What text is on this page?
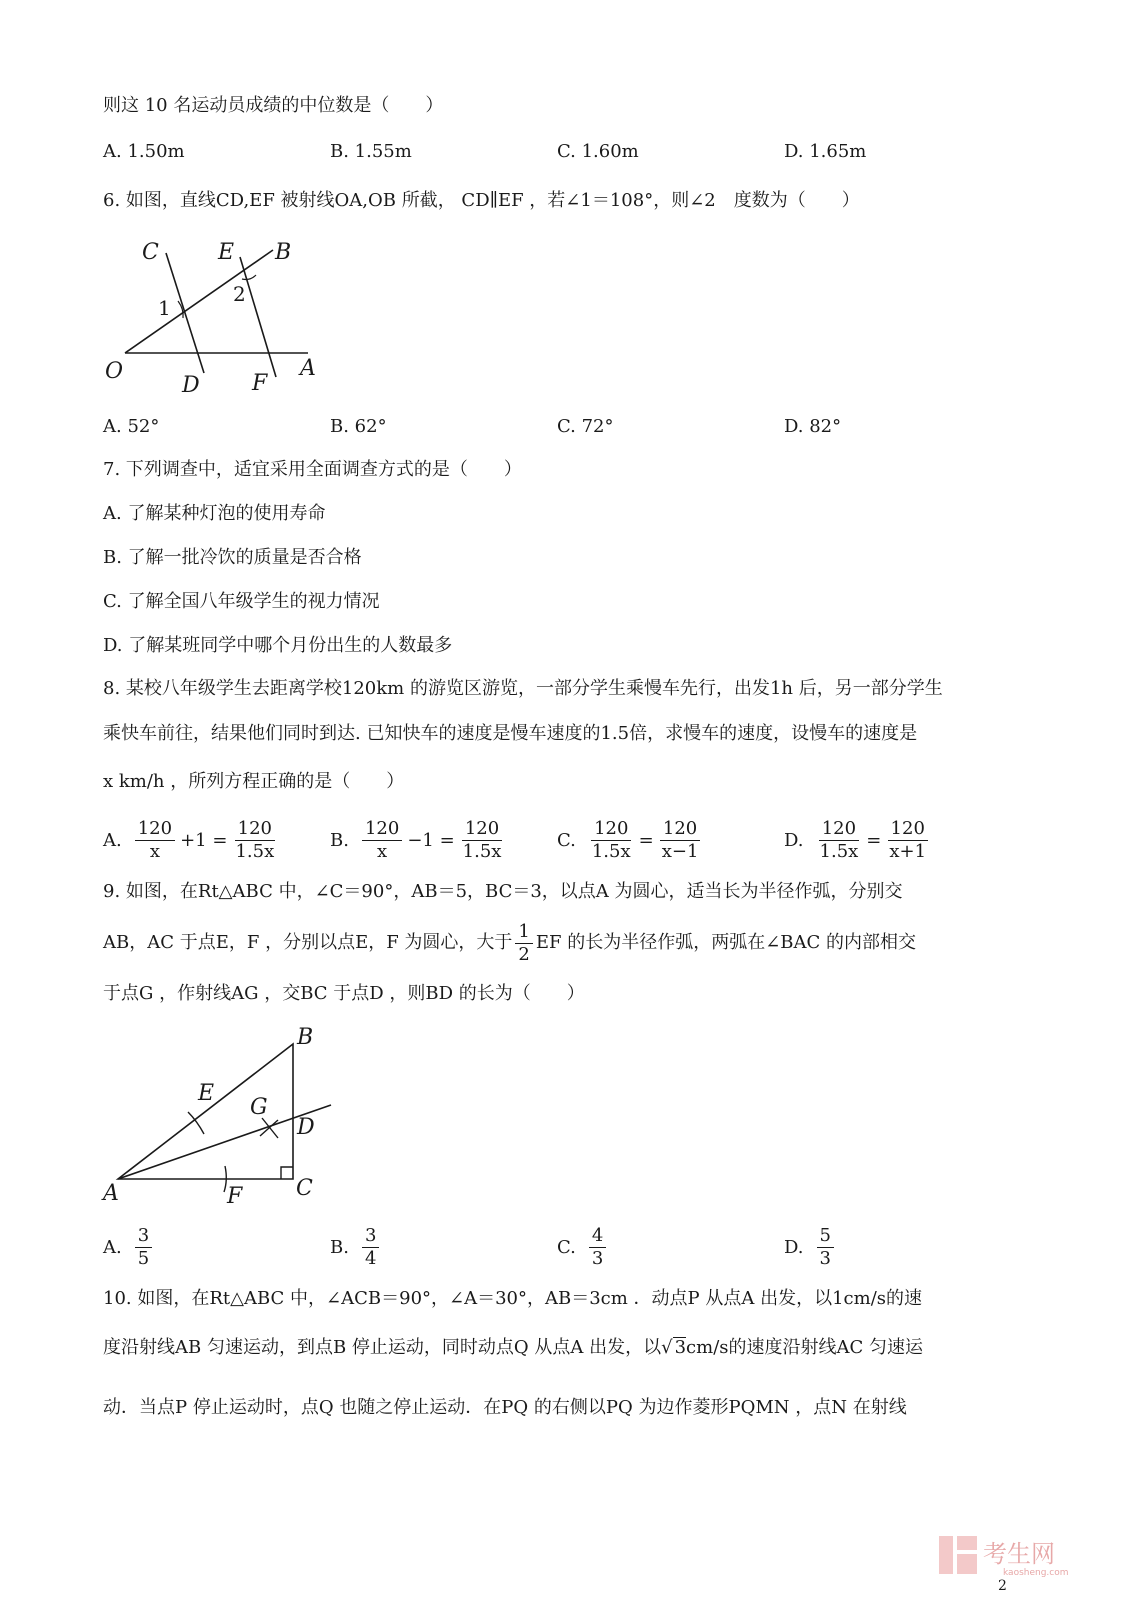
则这 10 名运动员成绩的中位数是（　　）
A. 1.50m	B. 1.55m	C. 1.60m	D. 1.65m
6. 如图，直线CD,EF 被射线OA,OB 所截， CD∥EF ，若∠1＝108°，则∠2　度数为（　　）
C	E B
1
2
O
D F
A
A. 52°	B. 62°	C. 72°	D. 82°
7. 下列调查中，适宜采用全面调查方式的是（　　）
A. 了解某种灯泡的使用寿命
B. 了解一批冷饮的质量是否合格
C. 了解全国八年级学生的视力情况
D. 了解某班同学中哪个月份出生的人数最多
8. 某校八年级学生去距离学校120km 的游览区游览，一部分学生乘慢车先行，出发1h 后，另一部分学生
乘快车前往，结果他们同时到达. 已知快车的速度是慢车速度的1.5倍，求慢车的速度，设慢车的速度是
x km/h ，所列方程正确的是（　　）
A. $\frac{120}{x} +1 = \frac{120}{1.5x}$	B. $\frac{120}{x} -1 = \frac{120}{1.5x}$	C. $\frac{120}{1.5x} = \frac{120}{x-1}$	D. $\frac{120}{1.5x} = \frac{120}{x+1}$
9. 如图，在Rt△ABC 中，∠C＝90°，AB＝5，BC＝3，以点A 为圆心，适当长为半径作弧，分别交
AB，AC 于点E，F ，分别以点E，F 为圆心，大于 $\frac{1}{2}$ EF 的长为半径作弧，两弧在∠BAC 的内部相交
于点G ，作射线AG ，交BC 于点D ，则BD 的长为（　　）
B
E
G
D
A	F C
A. $\frac{3}{5}$	B. $\frac{3}{4}$	C. $\frac{4}{3}$	D. $\frac{5}{3}$
10. 如图，在Rt△ABC 中，∠ACB＝90°，∠A＝30°，AB＝3cm ．动点P 从点A 出发，以1cm/s的速
度沿射线AB 匀速运动，到点B 停止运动，同时动点Q 从点A 出发，以√ 3cm/s的速度沿射线AC 匀速运
动．当点P 停止运动时，点Q 也随之停止运动．在PQ 的右侧以PQ 为边作菱形PQMN ，点N 在射线
考生网
kaosheng.com
2
